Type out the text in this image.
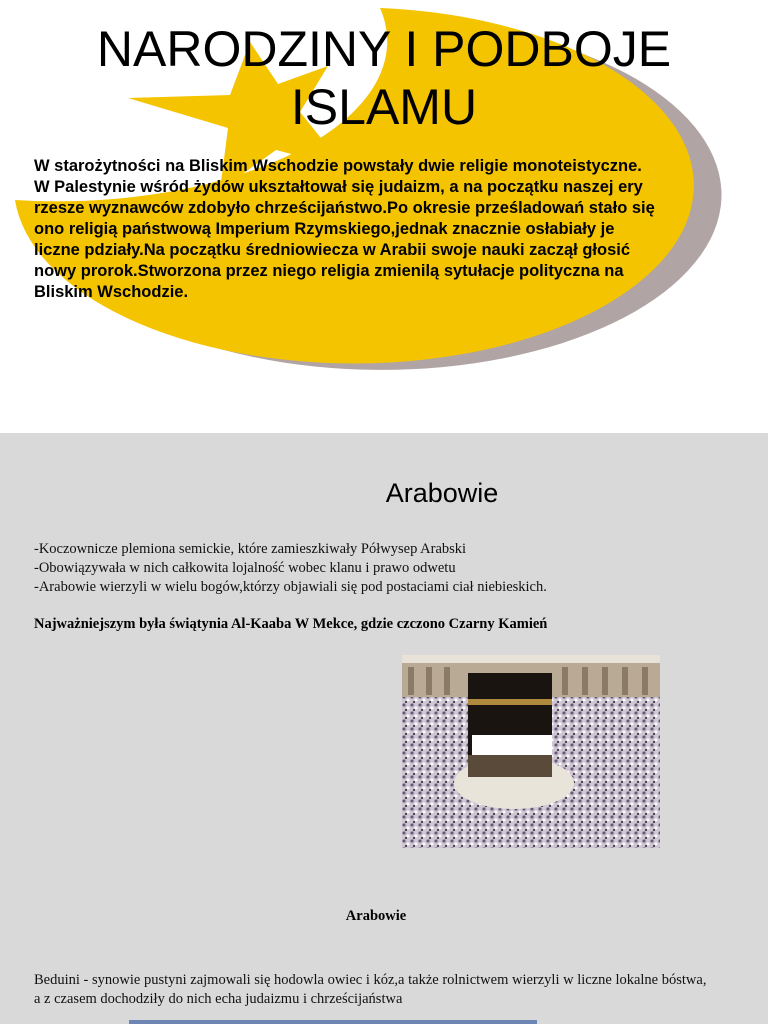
NARODZINY I PODBOJE
ISLAMU

W starożytności na Bliskim Wschodzie powstały dwie religie monoteistyczne.
W Palestynie wśród żydów ukształtował się judaizm, a na początku naszej ery
rzesze wyznawców zdobyło chrześcijaństwo.Po okresie prześladowań stało się
ono religią państwową Imperium Rzymskiego,jednak znacznie osłabiały je
liczne pdziały.Na początku średniowiecza w Arabii swoje nauki zaczął głosić
nowy prorok.Stworzona przez niego religia zmienilą sytułacje polityczna na
Bliskim Wschodzie.

Arabowie
-Koczownicze plemiona semickie, które zamieszkiwały Półwysep Arabski
-Obowiązywała w nich całkowita lojalność wobec klanu i prawo odwetu
-Arabowie wierzyli w wielu bogów,którzy objawiali się pod postaciami ciał niebieskich.

Najważniejszym była świątynia Al-Kaaba W Mekce, gdzie czczono Czarny Kamień

Arabowie

Beduini - synowie pustyni zajmowali się hodowla owiec i kóz,a także rolnictwem wierzyli w liczne lokalne bóstwa,
a z czasem dochodziły do nich echa judaizmu i chrześcijaństwa
